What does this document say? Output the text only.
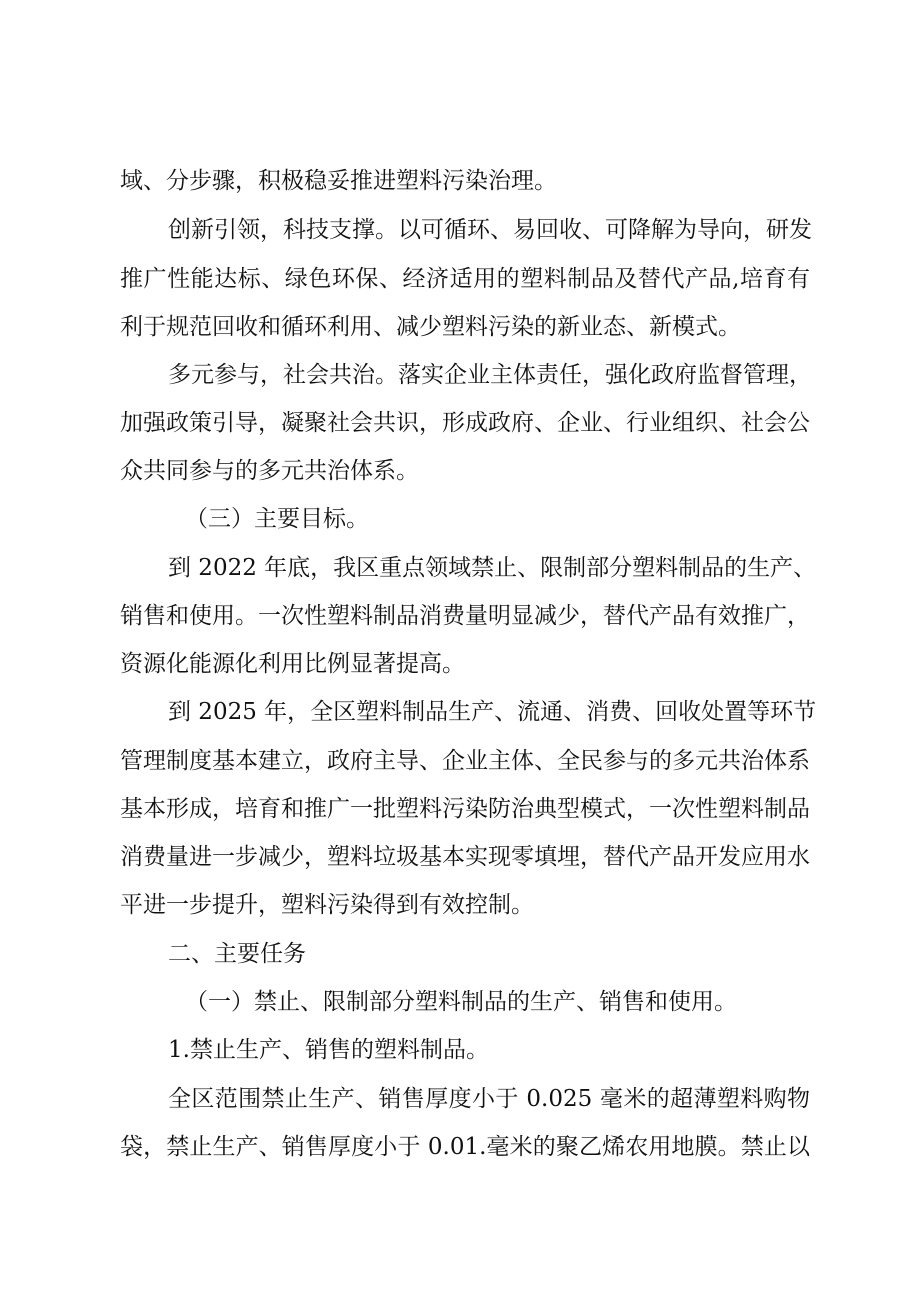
域、分步骤，积极稳妥推进塑料污染治理。
创新引领，科技支撑。以可循环、易回收、可降解为导向，研发
推广性能达标、绿色环保、经济适用的塑料制品及替代产品,培育有
利于规范回收和循环利用、减少塑料污染的新业态、新模式。
多元参与，社会共治。落实企业主体责任，强化政府监督管理，
加强政策引导，凝聚社会共识，形成政府、企业、行业组织、社会公
众共同参与的多元共治体系。
（三）主要目标。
到 2022 年底，我区重点领域禁止、限制部分塑料制品的生产、
销售和使用。一次性塑料制品消费量明显减少，替代产品有效推广，
资源化能源化利用比例显著提高。
到 2025 年，全区塑料制品生产、流通、消费、回收处置等环节
管理制度基本建立，政府主导、企业主体、全民参与的多元共治体系
基本形成，培育和推广一批塑料污染防治典型模式，一次性塑料制品
消费量进一步减少，塑料垃圾基本实现零填埋，替代产品开发应用水
平进一步提升，塑料污染得到有效控制。
二、主要任务
（一）禁止、限制部分塑料制品的生产、销售和使用。
1.禁止生产、销售的塑料制品。
全区范围禁止生产、销售厚度小于 0.025 毫米的超薄塑料购物
袋，禁止生产、销售厚度小于 0.01.毫米的聚乙烯农用地膜。禁止以
